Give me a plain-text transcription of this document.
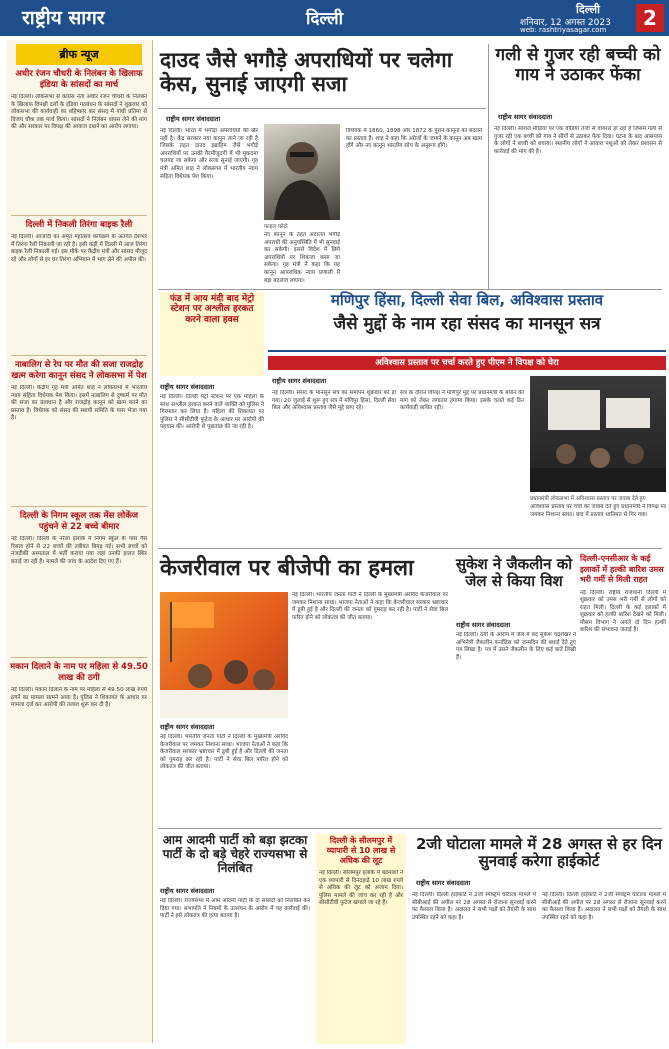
राष्ट्रीय सागर	दिल्ली	दिल्ली
शनिवार, 12 अगस्त 2023
web: rashtriyasagar.com	2
ब्रीफ न्यूज
अधीर रंजन चौधरी के निलंबन के खिलाफ इंडिया के सांसदों का मार्च
नई दिल्ली। लोकसभा से कांग्रेस नेता अधीर रंजन चौधरी के निलंबन के खिलाफ विपक्षी दलों के इंडिया गठबंधन के सांसदों ने शुक्रवार को लोकसभा की कार्यवाही का बहिष्कार कर संसद में गांधी प्रतिमा से विजय चौक तक मार्च किया। सांसदों ने निलंबन वापस लेने की मांग की और सरकार पर विपक्ष की आवाज दबाने का आरोप लगाया।
दिल्ली में निकली तिरंगा बाइक रैली
नई दिल्ली। आजादी का अमृत महोत्सव कार्यक्रम के अंतर्गत देशभर में तिरंगा रैली निकाली जा रही है। इसी कड़ी में दिल्ली में आज तिरंगा बाइक रैली निकाली गई। इस मौके पर केंद्रीय मंत्री और सांसद मौजूद रहे और लोगों से हर घर तिरंगा अभियान में भाग लेने की अपील की।
नाबालिग से रेप पर मौत की सजा राजद्रोह खत्म करेगा कानून संसद ने लोकसभा में पेश
नई दिल्ली। केंद्रीय गृह मंत्री अमित शाह ने लोकसभा में भारतीय न्याय संहिता विधेयक पेश किया। इसमें नाबालिग से दुष्कर्म पर मौत की सजा का प्रावधान है और राजद्रोह कानून को खत्म करने का प्रस्ताव है। विधेयक को संसद की स्थायी समिति के पास भेजा गया है।
दिल्ली के निगम स्कूल तक मेंस लोकेंज पहुंचने से 22 बच्चे बीमार
नई दिल्ली। दिल्ली के नरेला इलाके में निगम स्कूल के पास गैस रिसाव होने से 22 बच्चों की तबीयत बिगड़ गई। सभी बच्चों को नजदीकी अस्पताल में भर्ती कराया गया जहां उनकी हालत स्थिर बताई जा रही है। मामले की जांच के आदेश दिए गए हैं।
मकान दिलाने के नाम पर महिला से 49.50 लाख की ठगी
नई दिल्ली। मकान दिलाने के नाम पर महिला से 49.50 लाख रुपये ठगने का मामला सामने आया है। पुलिस ने शिकायत के आधार पर मामला दर्ज कर आरोपी की तलाश शुरू कर दी है।
दाउद जैसे भगौड़े अपराधियों पर चलेगा केस, सुनाई जाएगी सजा
राष्ट्रीय सागर संवाददाता
नई दिल्ली। भारत में भगौड़ा अपराधियों की खैर नहीं है। केंद्र सरकार नया कानून लाने जा रही है जिसके तहत दाउद इब्राहिम जैसे भगौड़े अपराधियों पर उनकी गैरमौजूदगी में भी मुकदमा चलाया जा सकेगा और सजा सुनाई जाएगी। गृह मंत्री अमित शाह ने लोकसभा में भारतीय न्याय संहिता विधेयक पेश किया।
फाइल फोटो
नए कानून के तहत अदालत भगौड़े अपराधी की अनुपस्थिति में भी सुनवाई कर सकेगी। इससे विदेश में छिपे अपराधियों पर शिकंजा कसा जा सकेगा। गृह मंत्री ने कहा कि यह कानून आपराधिक न्याय प्रणाली में बड़ा बदलाव लाएगा।
विधेयक में 1860, 1898 और 1872 के पुराने कानूनों को बदलने का प्रस्ताव है। शाह ने कहा कि अंग्रेजों के जमाने के कानून अब खत्म होंगे और नए कानून भारतीय सोच के अनुरूप होंगे।
गली से गुजर रही बच्ची को गाय ने उठाकर फेंका
राष्ट्रीय सागर संवाददाता
नई दिल्ली। सोशल मीडिया पर एक वीडियो तेजी से वायरल हो रहा है जिसमें गली से गुजर रही एक बच्ची को गाय ने सींगों से उठाकर फेंक दिया। घटना के बाद आसपास के लोगों ने बच्ची को बचाया। स्थानीय लोगों ने आवारा पशुओं को लेकर प्रशासन से कार्रवाई की मांग की है।
फंड में आय मंदी बाद मेट्रो स्टेशन पर अश्लील हरकत करने वाला हवस
राष्ट्रीय सागर संवाददाता
नई दिल्ली। दिल्ली मेट्रो स्टेशन पर एक महिला के साथ अश्लील हरकत करने वाले व्यक्ति को पुलिस ने गिरफ्तार कर लिया है। महिला की शिकायत पर पुलिस ने सीसीटीवी फुटेज के आधार पर आरोपी की पहचान की। आरोपी से पूछताछ की जा रही है।
मणिपुर हिंसा, दिल्ली सेवा बिल, अविश्वास प्रस्ताव
जैसे मुद्दों के नाम रहा संसद का मानसून सत्र
अविश्वास प्रस्ताव पर चर्चा करते हुए पीएम ने विपक्ष को घेरा
राष्ट्रीय सागर संवाददाता
नई दिल्ली। संसद के मानसून सत्र का समापन शुक्रवार को हो गया। 20 जुलाई से शुरू हुए सत्र में मणिपुर हिंसा, दिल्ली सेवा बिल और अविश्वास प्रस्ताव जैसे मुद्दे छाए रहे।
सत्र के दौरान विपक्ष ने मणिपुर मुद्दे पर प्रधानमंत्री के बयान की मांग को लेकर लगातार हंगामा किया। इसके चलते कई दिन कार्यवाही बाधित रही।
प्रधानमंत्री लोकसभा में अविश्वास प्रस्ताव पर जवाब देते हुए
अविश्वास प्रस्ताव पर चर्चा का जवाब देते हुए प्रधानमंत्री ने विपक्ष पर जमकर निशाना साधा। बाद में प्रस्ताव ध्वनिमत से गिर गया।
केजरीवाल पर बीजेपी का हमला
राष्ट्रीय सागर संवाददाता
नई दिल्ली। भारतीय जनता पार्टी ने दिल्ली के मुख्यमंत्री अरविंद केजरीवाल पर जमकर निशाना साधा। भाजपा नेताओं ने कहा कि केजरीवाल सरकार भ्रष्टाचार में डूबी हुई है और दिल्ली की जनता को गुमराह कर रही है। पार्टी ने सेवा बिल पारित होने को लोकतंत्र की जीत बताया।
नई दिल्ली। भारतीय जनता पार्टी ने दिल्ली के मुख्यमंत्री अरविंद केजरीवाल पर जमकर निशाना साधा। भाजपा नेताओं ने कहा कि केजरीवाल सरकार भ्रष्टाचार में डूबी हुई है और दिल्ली की जनता को गुमराह कर रही है। पार्टी ने सेवा बिल पारित होने को लोकतंत्र की जीत बताया।
सुकेश ने जैकलीन को जेल से किया विश
राष्ट्रीय सागर संवाददाता
नई दिल्ली। ठगी के आरोप में जेल में बंद सुकेश चंद्रशेखर ने अभिनेत्री जैकलीन फर्नांडिस को जन्मदिन की बधाई देते हुए पत्र लिखा है। पत्र में उसने जैकलीन के लिए कई बातें लिखी हैं।
दिल्ली-एनसीआर के कई इलाकों में हल्की बारिश उमस भरी गर्मी से मिली राहत
नई दिल्ली। राष्ट्रीय राजधानी दिल्ली में शुक्रवार को उमस भरी गर्मी से लोगों को राहत मिली। दिल्ली के कई इलाकों में शुक्रवार को हल्की बारिश देखने को मिली। मौसम विभाग ने अगले दो दिन हल्की बारिश की संभावना जताई है।
आम आदमी पार्टी को बड़ा झटका पार्टी के दो बड़े चेहरे राज्यसभा से निलंबित
राष्ट्रीय सागर संवाददाता
नई दिल्ली। राज्यसभा में आम आदमी पार्टी के दो सांसदों को निलंबित कर दिया गया। सभापति ने नियमों के उल्लंघन के आरोप में यह कार्रवाई की। पार्टी ने इसे लोकतंत्र की हत्या बताया है।
दिल्ली के सीलमपुर में व्यापारी से 10 लाख से अधिक की लूट
नई दिल्ली। सीलमपुर इलाके में बदमाशों ने एक व्यापारी से दिनदहाड़े 10 लाख रुपये से अधिक की लूट को अंजाम दिया। पुलिस मामले की जांच कर रही है और सीसीटीवी फुटेज खंगाले जा रहे हैं।
2जी घोटाला मामले में 28 अगस्त से हर दिन सुनवाई करेगा हाईकोर्ट
राष्ट्रीय सागर संवाददाता
नई दिल्ली। दिल्ली हाईकोर्ट ने 2जी स्पेक्ट्रम घोटाला मामले में सीबीआई की अपील पर 28 अगस्त से रोजाना सुनवाई करने का फैसला किया है। अदालत ने सभी पक्षों को तैयारी के साथ उपस्थित रहने को कहा है।
नई दिल्ली। दिल्ली हाईकोर्ट ने 2जी स्पेक्ट्रम घोटाला मामले में सीबीआई की अपील पर 28 अगस्त से रोजाना सुनवाई करने का फैसला किया है। अदालत ने सभी पक्षों को तैयारी के साथ उपस्थित रहने को कहा है।
